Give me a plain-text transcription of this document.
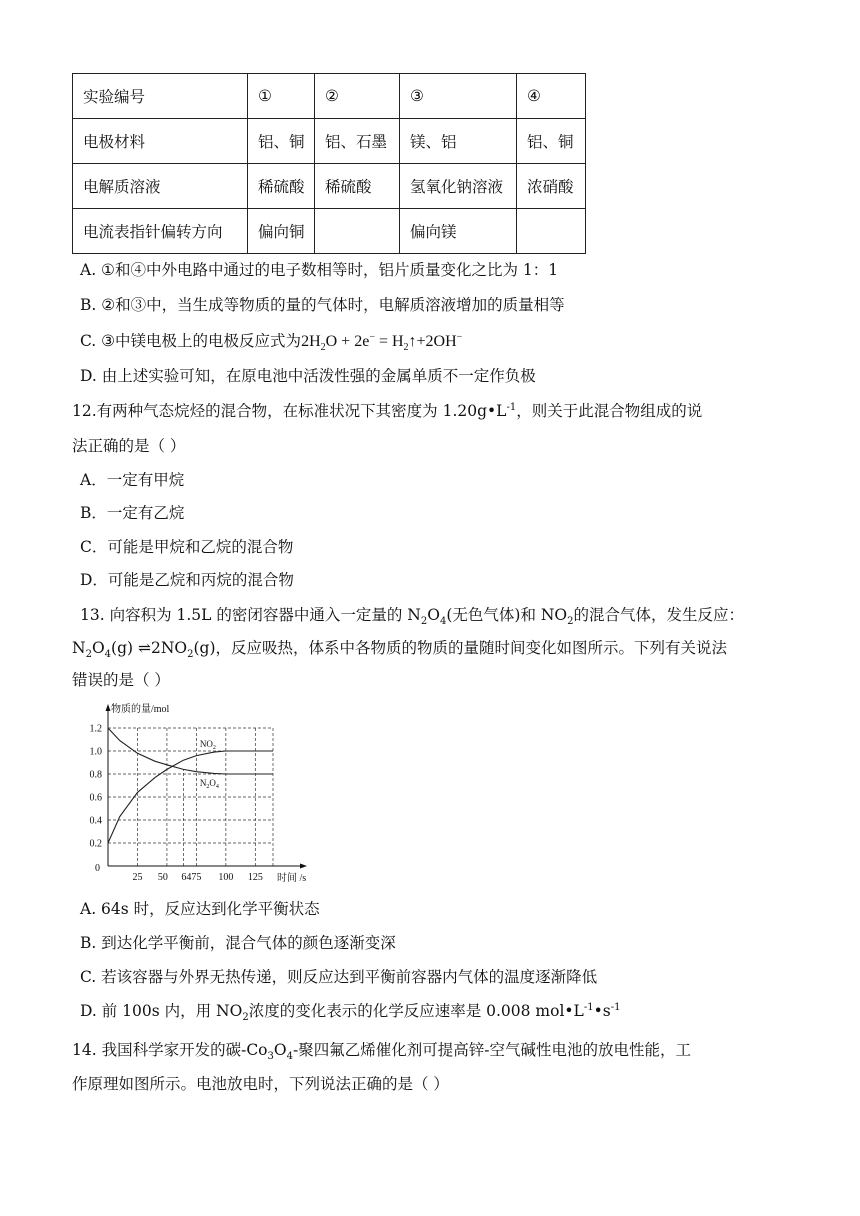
实验编号	①	②	③	④
电极材料	铝、铜	铝、石墨	镁、铝	铝、铜
电解质溶液	稀硫酸	稀硫酸	氢氧化钠溶液	浓硝酸
电流表指针偏转方向	偏向铜		偏向镁	
A. ①和④中外电路中通过的电子数相等时，铝片质量变化之比为 1：1
B. ②和③中，当生成等物质的量的气体时，电解质溶液增加的质量相等
C. ③中镁电极上的电极反应式为$2H_2O + 2e^-$ = $H_2↑+2OH^-$
D. 由上述实验可知，在原电池中活泼性强的金属单质不一定作负极
12.有两种气态烷烃的混合物，在标准状况下其密度为 $1.20g•L^{-1}$，则关于此混合物组成的说
法正确的是（ ）
A．一定有甲烷
B．一定有乙烷
C．可能是甲烷和乙烷的混合物
D．可能是乙烷和丙烷的混合物
13. 向容积为 1.5L 的密闭容器中通入一定量的 $N_2O_4$(无色气体)和 $NO_2$的混合气体，发生反应：
$N_2O_4(g)$ $\rightleftharpoons 2NO_2(g)$，反应吸热，体系中各物质的物质的量随时间变化如图所示。下列有关说法
错误的是（ ）
0.2
0.4
0.6
0.8
1.0
1.2
25 50 64 75 100 125
0
时间 /s
物质的量/mol
$NO_2$
$N_2O_4$
A. 64s 时，反应达到化学平衡状态
B. 到达化学平衡前，混合气体的颜色逐渐变深
C. 若该容器与外界无热传递，则反应达到平衡前容器内气体的温度逐渐降低
D. 前 100s 内，用 $NO_2$浓度的变化表示的化学反应速率是 0.008 $mol•L^{-1}•s^{-1}$
14. 我国科学家开发的碳$-Co_3O_4-$聚四氟乙烯催化剂可提高锌-空气碱性电池的放电性能，工
作原理如图所示。电池放电时，下列说法正确的是（ ）
